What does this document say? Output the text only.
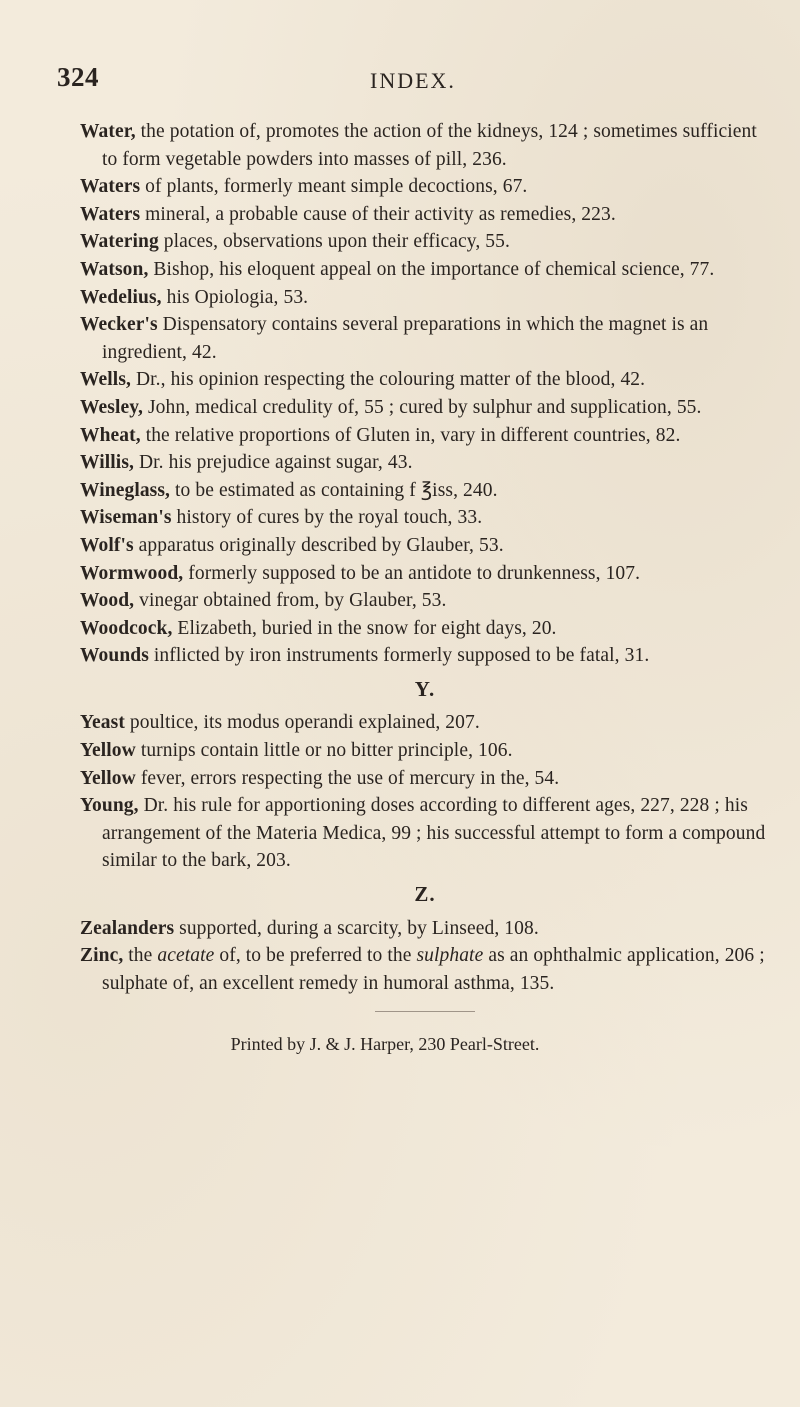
324	INDEX.

Water, the potation of, promotes the action of the kidneys, 124 ; sometimes sufficient to form vegetable powders into masses of pill, 236.

Waters of plants, formerly meant simple decoctions, 67.

Waters mineral, a probable cause of their activity as remedies, 223.

Watering places, observations upon their efficacy, 55.

Watson, Bishop, his eloquent appeal on the importance of chemical science, 77.

Wedelius, his Opiologia, 53.

Wecker's Dispensatory contains several preparations in which the magnet is an ingredient, 42.

Wells, Dr., his opinion respecting the colouring matter of the blood, 42.

Wesley, John, medical credulity of, 55 ; cured by sulphur and supplication, 55.

Wheat, the relative proportions of Gluten in, vary in different countries, 82.

Willis, Dr. his prejudice against sugar, 43.

Wineglass, to be estimated as containing f ℥iss, 240.

Wiseman's history of cures by the royal touch, 33.

Wolf's apparatus originally described by Glauber, 53.

Wormwood, formerly supposed to be an antidote to drunkenness, 107.

Wood, vinegar obtained from, by Glauber, 53.

Woodcock, Elizabeth, buried in the snow for eight days, 20.

Wounds inflicted by iron instruments formerly supposed to be fatal, 31.

Y.

Yeast poultice, its modus operandi explained, 207.

Yellow turnips contain little or no bitter principle, 106.

Yellow fever, errors respecting the use of mercury in the, 54.

Young, Dr. his rule for apportioning doses according to different ages, 227, 228 ; his arrangement of the Materia Medica, 99 ; his successful attempt to form a compound similar to the bark, 203.

Z.

Zealanders supported, during a scarcity, by Linseed, 108.

Zinc, the acetate of, to be preferred to the sulphate as an ophthalmic application, 206 ; sulphate of, an excellent remedy in humoral asthma, 135.

Printed by J. & J. Harper, 230 Pearl-Street.
